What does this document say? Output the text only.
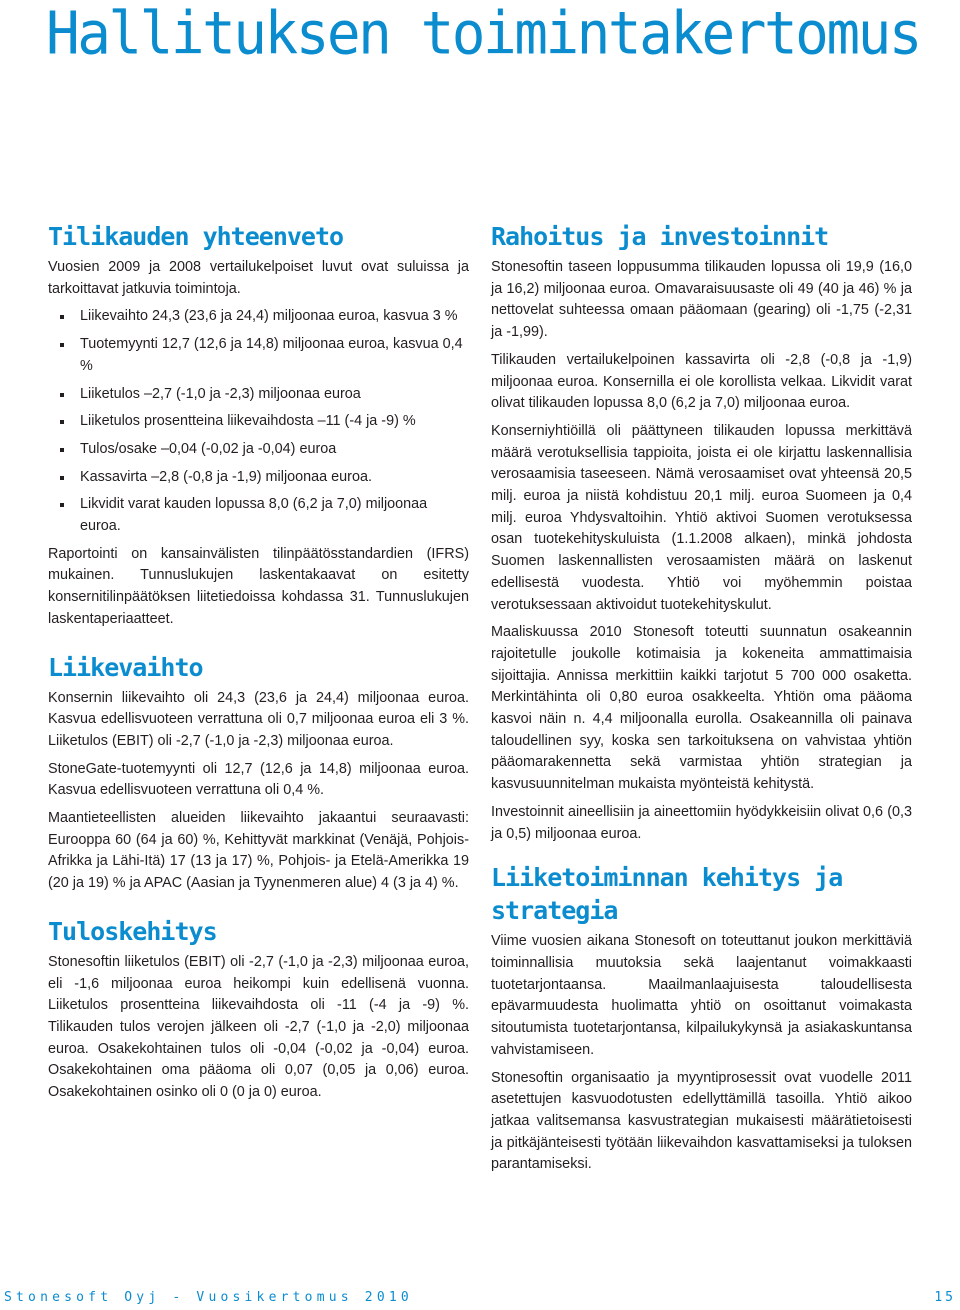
Hallituksen toimintakertomus
Tilikauden yhteenveto

Vuosien 2009 ja 2008 vertailukelpoiset luvut ovat suluissa ja tarkoittavat jatkuvia toimintoja.

Liikevaihto 24,3 (23,6 ja 24,4) miljoonaa euroa, kasvua 3 %
Tuotemyynti 12,7 (12,6 ja 14,8) miljoonaa euroa, kasvua 0,4 %
Liiketulos –2,7 (-1,0 ja -2,3) miljoonaa euroa
Liiketulos prosentteina liikevaihdosta –11 (-4 ja -9) %
Tulos/osake –0,04 (-0,02 ja -0,04) euroa
Kassavirta –2,8 (-0,8 ja -1,9) miljoonaa euroa.
Likvidit varat kauden lopussa 8,0 (6,2 ja 7,0) miljoonaa euroa.

Raportointi on kansainvälisten tilinpäätösstandardien (IFRS) mukainen. Tunnuslukujen laskentakaavat on esitetty konsernitilinpäätöksen liitetiedoissa kohdassa 31. Tunnuslukujen laskentaperiaatteet.

Liikevaihto

Konsernin liikevaihto oli 24,3 (23,6 ja 24,4) miljoonaa euroa. Kasvua edellisvuoteen verrattuna oli 0,7 miljoonaa euroa eli 3 %. Liiketulos (EBIT) oli -2,7 (-1,0 ja -2,3) miljoonaa euroa.

StoneGate-tuotemyynti oli 12,7 (12,6 ja 14,8) miljoonaa euroa. Kasvua edellisvuoteen verrattuna oli 0,4 %.

Maantieteellisten alueiden liikevaihto jakaantui seuraavasti: Eurooppa 60 (64 ja 60) %, Kehittyvät markkinat (Venäjä, Pohjois-Afrikka ja Lähi-Itä) 17 (13 ja 17) %, Pohjois- ja Etelä-Amerikka 19 (20 ja 19) % ja APAC (Aasian ja Tyynenmeren alue) 4 (3 ja 4) %.

Tuloskehitys

Stonesoftin liiketulos (EBIT) oli -2,7 (-1,0 ja -2,3) miljoonaa euroa, eli -1,6 miljoonaa euroa heikompi kuin edellisenä vuonna. Liiketulos prosentteina liikevaihdosta oli -11 (-4 ja -9) %. Tilikauden tulos verojen jälkeen oli -2,7 (-1,0 ja -2,0) miljoonaa euroa. Osakekohtainen tulos oli -0,04 (-0,02 ja -0,04) euroa. Osakekohtainen oma pääoma oli 0,07 (0,05 ja 0,06) euroa. Osakekohtainen osinko oli 0 (0 ja 0) euroa.

Rahoitus ja investoinnit

Stonesoftin taseen loppusumma tilikauden lopussa oli 19,9 (16,0 ja 16,2) miljoonaa euroa. Omavaraisuusaste oli 49 (40 ja 46) % ja nettovelat suhteessa omaan pääomaan (gearing) oli -1,75 (-2,31 ja -1,99).

Tilikauden vertailukelpoinen kassavirta oli -2,8 (-0,8 ja -1,9) miljoonaa euroa. Konsernilla ei ole korollista velkaa. Likvidit varat olivat tilikauden lopussa 8,0 (6,2 ja 7,0) miljoonaa euroa.

Konserniyhtiöillä oli päättyneen tilikauden lopussa merkittävä määrä verotuksellisia tappioita, joista ei ole kirjattu laskennallisia verosaamisia taseeseen. Nämä verosaamiset ovat yhteensä 20,5 milj. euroa ja niistä kohdistuu 20,1 milj. euroa Suomeen ja 0,4 milj. euroa Yhdysvaltoihin. Yhtiö aktivoi Suomen verotuksessa osan tuotekehityskuluista (1.1.2008 alkaen), minkä johdosta Suomen laskennallisten verosaamisten määrä on laskenut edellisestä vuodesta. Yhtiö voi myöhemmin poistaa verotuksessaan aktivoidut tuotekehityskulut.

Maaliskuussa 2010 Stonesoft toteutti suunnatun osakeannin rajoitetulle joukolle kotimaisia ja kokeneita ammattimaisia sijoittajia. Annissa merkittiin kaikki tarjotut 5 700 000 osaketta. Merkintähinta oli 0,80 euroa osakkeelta. Yhtiön oma pääoma kasvoi näin n. 4,4 miljoonalla eurolla. Osakeannilla oli painava taloudellinen syy, koska sen tarkoituksena on vahvistaa yhtiön pääomarakennetta sekä varmistaa yhtiön strategian ja kasvusuunnitelman mukaista myönteistä kehitystä.

Investoinnit aineellisiin ja aineettomiin hyödykkeisiin olivat 0,6 (0,3 ja 0,5) miljoonaa euroa.

Liiketoiminnan kehitys ja strategia

Viime vuosien aikana Stonesoft on toteuttanut joukon merkittäviä toiminnallisia muutoksia sekä laajentanut voimakkaasti tuotetarjontaansa. Maailmanlaajuisesta taloudellisesta epävarmuudesta huolimatta yhtiö on osoittanut voimakasta sitoutumista tuotetarjontansa, kilpailukykynsä ja asiakaskuntansa vahvistamiseen.

Stonesoftin organisaatio ja myyntiprosessit ovat vuodelle 2011 asetettujen kasvuodotusten edellyttämillä tasoilla. Yhtiö aikoo jatkaa valitsemansa kasvustrategian mukaisesti määrätietoisesti ja pitkäjänteisesti työtään liikevaihdon kasvattamiseksi ja tuloksen parantamiseksi.

Stonesoft Oyj - Vuosikertomus 2010	15
